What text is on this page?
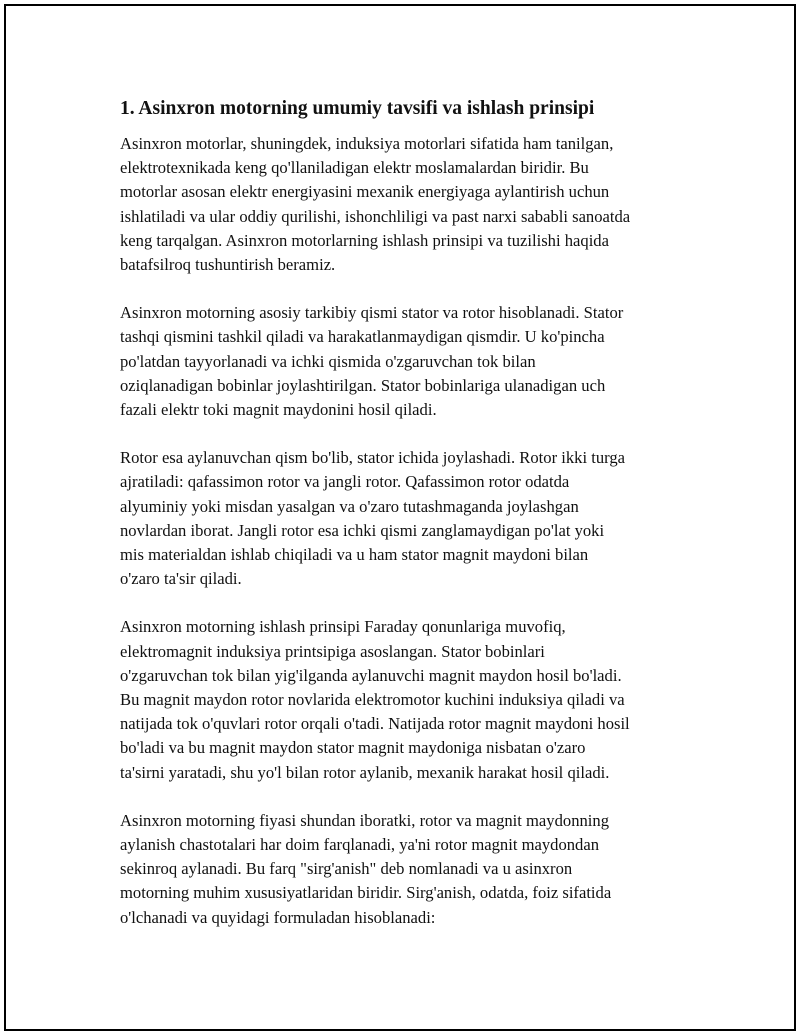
1. Asinxron motorning umumiy tavsifi va ishlash prinsipi
Asinxron motorlar, shuningdek, induksiya motorlari sifatida ham tanilgan,
elektrotexnikada keng qo'llaniladigan elektr moslamalardan biridir. Bu
motorlar asosan elektr energiyasini mexanik energiyaga aylantirish uchun
ishlatiladi va ular oddiy qurilishi, ishonchliligi va past narxi sababli sanoatda
keng tarqalgan. Asinxron motorlarning ishlash prinsipi va tuzilishi haqida
batafsilroq tushuntirish beramiz.
Asinxron motorning asosiy tarkibiy qismi stator va rotor hisoblanadi. Stator
tashqi qismini tashkil qiladi va harakatlanmaydigan qismdir. U ko'pincha
po'latdan tayyorlanadi va ichki qismida o'zgaruvchan tok bilan
oziqlanadigan bobinlar joylashtirilgan. Stator bobinlariga ulanadigan uch
fazali elektr toki magnit maydonini hosil qiladi.
Rotor esa aylanuvchan qism bo'lib, stator ichida joylashadi. Rotor ikki turga
ajratiladi: qafassimon rotor va jangli rotor. Qafassimon rotor odatda
alyuminiy yoki misdan yasalgan va o'zaro tutashmaganda joylashgan
novlardan iborat. Jangli rotor esa ichki qismi zanglamaydigan po'lat yoki
mis materialdan ishlab chiqiladi va u ham stator magnit maydoni bilan
o'zaro ta'sir qiladi.
Asinxron motorning ishlash prinsipi Faraday qonunlariga muvofiq,
elektromagnit induksiya printsipiga asoslangan. Stator bobinlari
o'zgaruvchan tok bilan yig'ilganda aylanuvchi magnit maydon hosil bo'ladi.
Bu magnit maydon rotor novlarida elektromotor kuchini induksiya qiladi va
natijada tok o'quvlari rotor orqali o'tadi. Natijada rotor magnit maydoni hosil
bo'ladi va bu magnit maydon stator magnit maydoniga nisbatan o'zaro
ta'sirni yaratadi, shu yo'l bilan rotor aylanib, mexanik harakat hosil qiladi.
Asinxron motorning fiyasi shundan iboratki, rotor va magnit maydonning
aylanish chastotalari har doim farqlanadi, ya'ni rotor magnit maydondan
sekinroq aylanadi. Bu farq "sirg'anish" deb nomlanadi va u asinxron
motorning muhim xususiyatlaridan biridir. Sirg'anish, odatda, foiz sifatida
o'lchanadi va quyidagi formuladan hisoblanadi:
